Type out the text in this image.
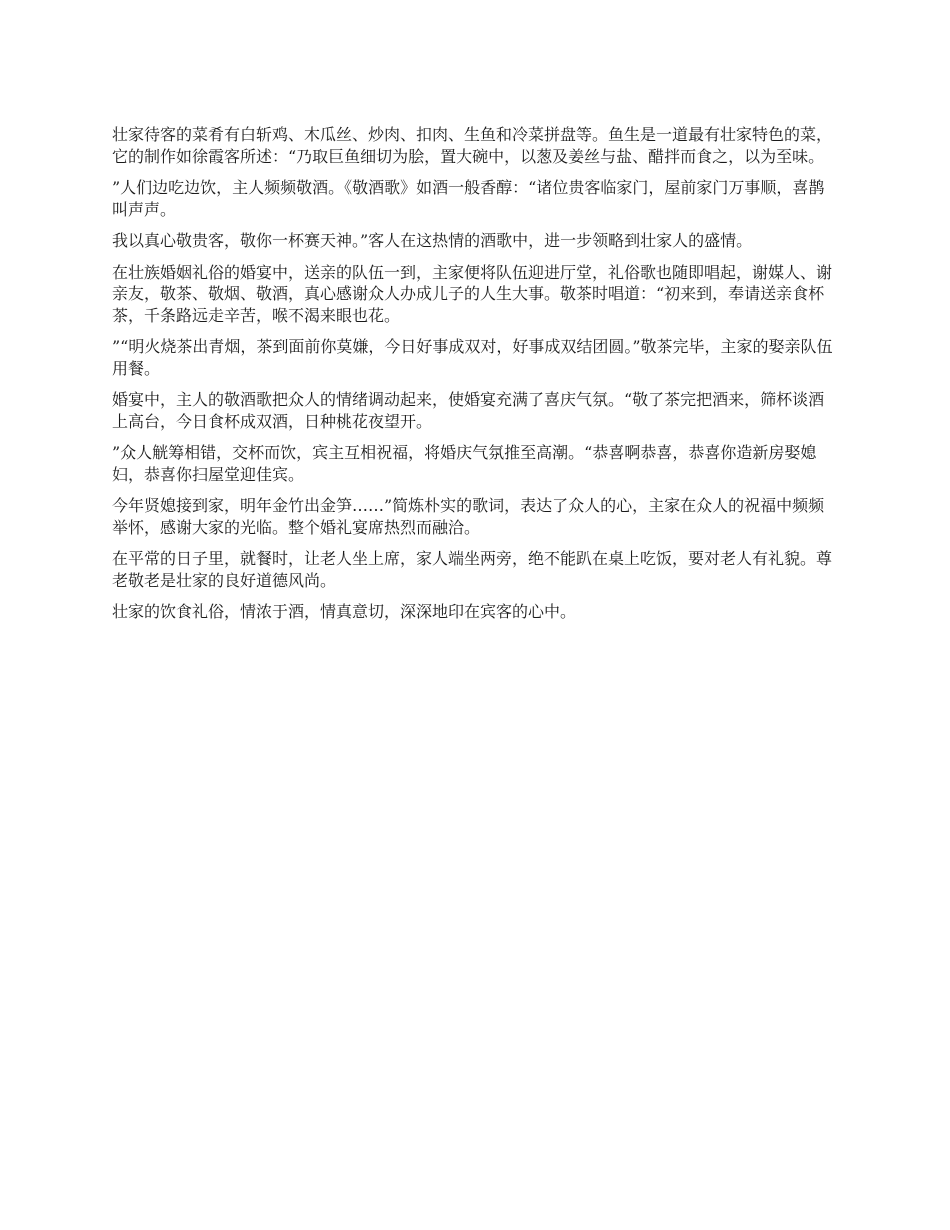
壮家待客的菜肴有白斩鸡、木瓜丝、炒肉、扣肉、生鱼和冷菜拼盘等。鱼生是一道最有壮家特色的菜，它的制作如徐霞客所述：“乃取巨鱼细切为脍，置大碗中，以葱及姜丝与盐、醋拌而食之，以为至味。

”人们边吃边饮，主人频频敬酒。《敬酒歌》如酒一般香醇：“诸位贵客临家门，屋前家门万事顺，喜鹊叫声声。

我以真心敬贵客，敬你一杯赛天神。”客人在这热情的酒歌中，进一步领略到壮家人的盛情。

在壮族婚姻礼俗的婚宴中，送亲的队伍一到，主家便将队伍迎进厅堂，礼俗歌也随即唱起，谢媒人、谢亲友，敬茶、敬烟、敬酒，真心感谢众人办成儿子的人生大事。敬茶时唱道：“初来到，奉请送亲食杯茶，千条路远走辛苦，喉不渴来眼也花。

”“明火烧茶出青烟，茶到面前你莫嫌，今日好事成双对，好事成双结团圆。”敬茶完毕，主家的娶亲队伍用餐。

婚宴中，主人的敬酒歌把众人的情绪调动起来，使婚宴充满了喜庆气氛。“敬了茶完把酒来，筛杯谈酒上高台，今日食杯成双酒，日种桃花夜望开。

”众人觥筹相错，交杯而饮，宾主互相祝福，将婚庆气氛推至高潮。“恭喜啊恭喜，恭喜你造新房娶媳妇，恭喜你扫屋堂迎佳宾。

今年贤媳接到家，明年金竹出金笋……”简炼朴实的歌词，表达了众人的心，主家在众人的祝福中频频举怀，感谢大家的光临。整个婚礼宴席热烈而融洽。

在平常的日子里，就餐时，让老人坐上席，家人端坐两旁，绝不能趴在桌上吃饭，要对老人有礼貌。尊老敬老是壮家的良好道德风尚。

壮家的饮食礼俗，情浓于酒，情真意切，深深地印在宾客的心中。
